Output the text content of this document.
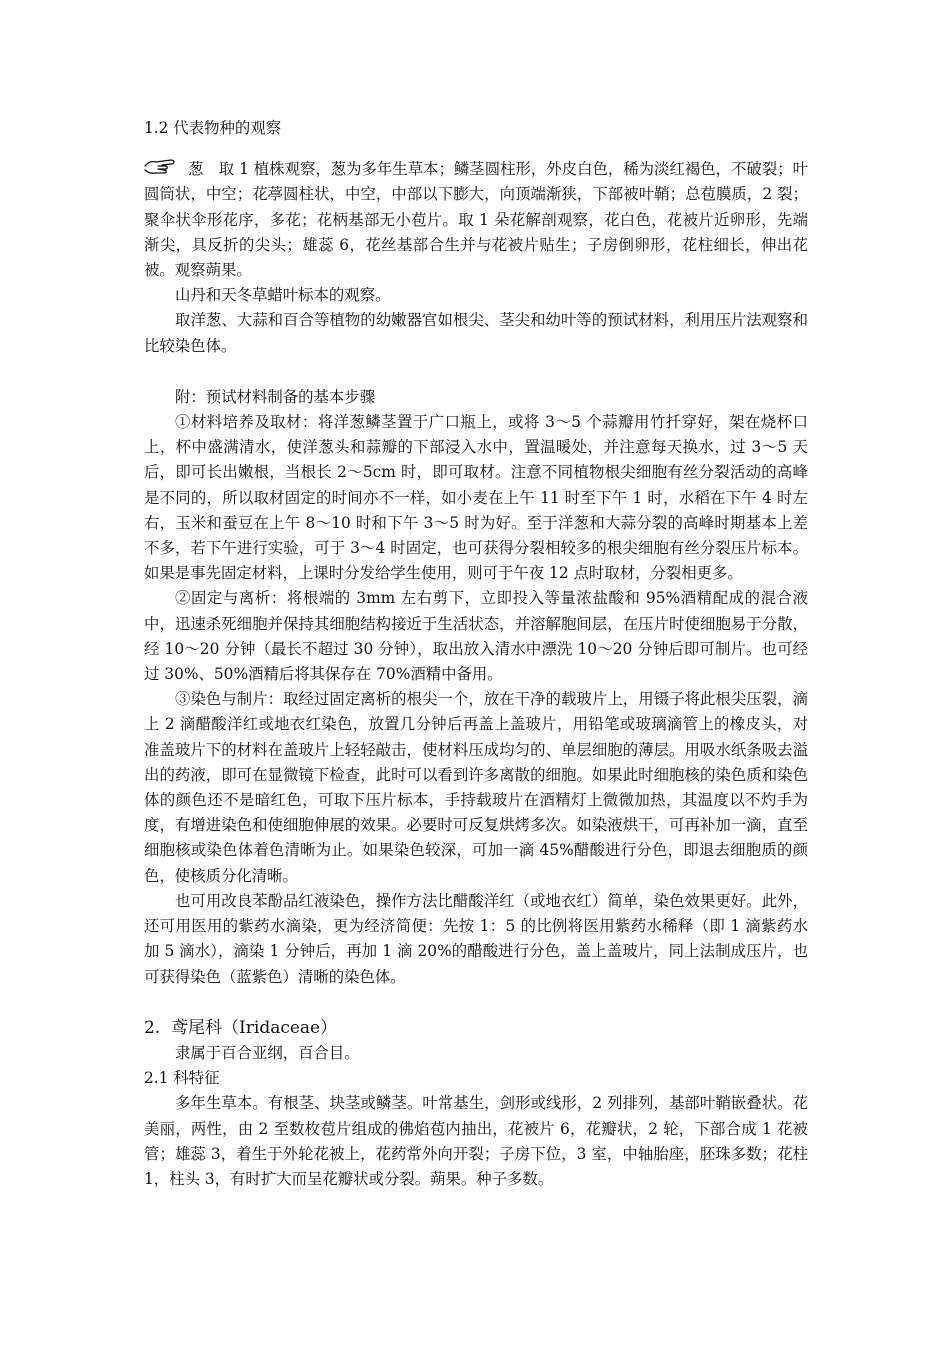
1.2 代表物种的观察

葱　取 1 植株观察，葱为多年生草本；鳞茎圆柱形，外皮白色，稀为淡红褐色，不破裂；叶圆筒状，中空；花葶圆柱状，中空，中部以下膨大，向顶端渐狭，下部被叶鞘；总苞膜质，2 裂；聚伞状伞形花序，多花；花柄基部无小苞片。取 1 朵花解剖观察，花白色，花被片近卵形，先端渐尖，具反折的尖头；雄蕊 6，花丝基部合生并与花被片贴生；子房倒卵形，花柱细长，伸出花被。观察蒴果。

山丹和天冬草蜡叶标本的观察。

取洋葱、大蒜和百合等植物的幼嫩器官如根尖、茎尖和幼叶等的预试材料，利用压片法观察和比较染色体。

附：预试材料制备的基本步骤

①材料培养及取材：将洋葱鳞茎置于广口瓶上，或将 3～5 个蒜瓣用竹扦穿好，架在烧杯口上，杯中盛满清水，使洋葱头和蒜瓣的下部浸入水中，置温暖处，并注意每天换水，过 3～5 天后，即可长出嫩根，当根长 2～5cm 时，即可取材。注意不同植物根尖细胞有丝分裂活动的高峰是不同的，所以取材固定的时间亦不一样，如小麦在上午 11 时至下午 1 时，水稻在下午 4 时左右，玉米和蚕豆在上午 8～10 时和下午 3～5 时为好。至于洋葱和大蒜分裂的高峰时期基本上差不多，若下午进行实验，可于 3～4 时固定，也可获得分裂相较多的根尖细胞有丝分裂压片标本。如果是事先固定材料，上课时分发给学生使用，则可于午夜 12 点时取材，分裂相更多。

②固定与离析：将根端的 3mm 左右剪下，立即投入等量浓盐酸和 95%酒精配成的混合液中，迅速杀死细胞并保持其细胞结构接近于生活状态，并溶解胞间层，在压片时使细胞易于分散，经 10～20 分钟（最长不超过 30 分钟），取出放入清水中漂洗 10～20 分钟后即可制片。也可经过 30%、50%酒精后将其保存在 70%酒精中备用。

③染色与制片：取经过固定离析的根尖一个，放在干净的载玻片上，用镊子将此根尖压裂，滴上 2 滴醋酸洋红或地衣红染色，放置几分钟后再盖上盖玻片，用铅笔或玻璃滴管上的橡皮头，对准盖玻片下的材料在盖玻片上轻轻敲击，使材料压成均匀的、单层细胞的薄层。用吸水纸条吸去溢出的药液，即可在显微镜下检查，此时可以看到许多离散的细胞。如果此时细胞核的染色质和染色体的颜色还不是暗红色，可取下压片标本，手持载玻片在酒精灯上微微加热，其温度以不灼手为度，有增进染色和使细胞伸展的效果。必要时可反复烘烤多次。如染液烘干，可再补加一滴，直至细胞核或染色体着色清晰为止。如果染色较深，可加一滴 45%醋酸进行分色，即退去细胞质的颜色，使核质分化清晰。

也可用改良苯酚品红液染色，操作方法比醋酸洋红（或地衣红）简单，染色效果更好。此外，还可用医用的紫药水滴染，更为经济简便：先按 1：5 的比例将医用紫药水稀释（即 1 滴紫药水加 5 滴水），滴染 1 分钟后，再加 1 滴 20%的醋酸进行分色，盖上盖玻片，同上法制成压片，也可获得染色（蓝紫色）清晰的染色体。

2. 鸢尾科（Iridaceae）

隶属于百合亚纲，百合目。

2.1 科特征

多年生草本。有根茎、块茎或鳞茎。叶常基生，剑形或线形，2 列排列，基部叶鞘嵌叠状。花美丽，两性，由 2 至数枚苞片组成的佛焰苞内抽出，花被片 6，花瓣状，2 轮，下部合成 1 花被管；雄蕊 3，着生于外轮花被上，花药常外向开裂；子房下位，3 室，中轴胎座，胚珠多数；花柱 1，柱头 3，有时扩大而呈花瓣状或分裂。蒴果。种子多数。
